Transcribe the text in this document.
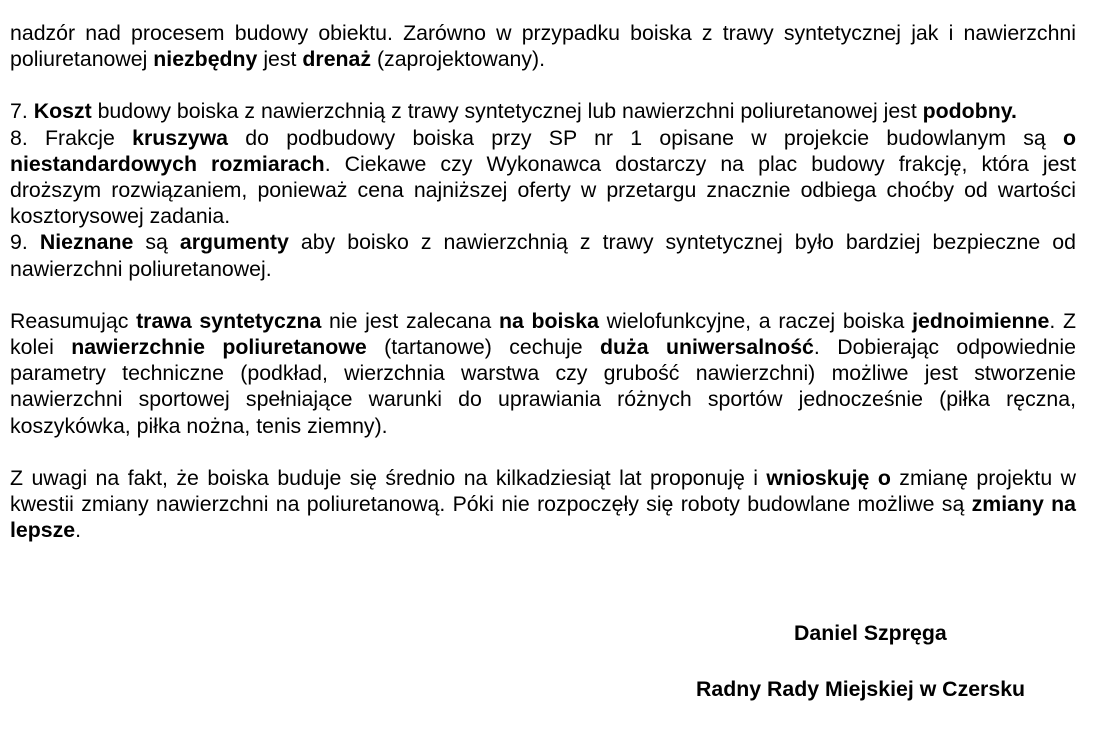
nadzór nad procesem budowy obiektu. Zarówno w przypadku boiska z trawy syntetycznej jak i nawierzchni poliuretanowej niezbędny jest drenaż (zaprojektowany).

7. Koszt budowy boiska z nawierzchnią z trawy syntetycznej lub nawierzchni poliuretanowej jest podobny.

8. Frakcje kruszywa do podbudowy boiska przy SP nr 1 opisane w projekcie budowlanym są o niestandardowych rozmiarach. Ciekawe czy Wykonawca dostarczy na plac budowy frakcję, która jest droższym rozwiązaniem, ponieważ cena najniższej oferty w przetargu znacznie odbiega choćby od wartości kosztorysowej zadania.

9. Nieznane są argumenty aby boisko z nawierzchnią z trawy syntetycznej było bardziej bezpieczne od nawierzchni poliuretanowej.

Reasumując trawa syntetyczna nie jest zalecana na boiska wielofunkcyjne, a raczej boiska jednoimienne. Z kolei nawierzchnie poliuretanowe (tartanowe) cechuje duża uniwersalność. Dobierając odpowiednie parametry techniczne (podkład, wierzchnia warstwa czy grubość nawierzchni) możliwe jest stworzenie nawierzchni sportowej spełniające warunki do uprawiania różnych sportów jednocześnie (piłka ręczna, koszykówka, piłka nożna, tenis ziemny).

Z uwagi na fakt, że boiska buduje się średnio na kilkadziesiąt lat proponuję i wnioskuję o zmianę projektu w kwestii zmiany nawierzchni na poliuretanową. Póki nie rozpoczęły się roboty budowlane możliwe są zmiany na lepsze.

Daniel Szpręga
Radny Rady Miejskiej w Czersku
